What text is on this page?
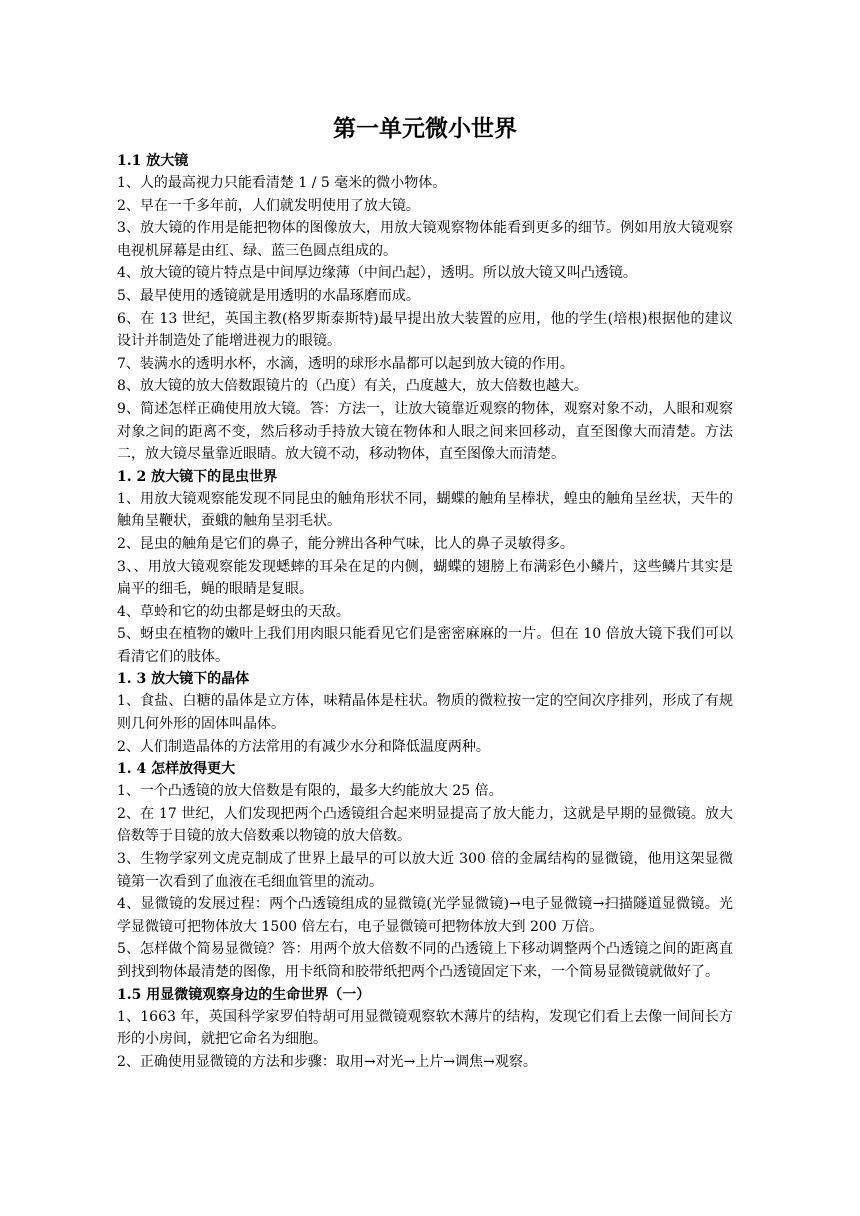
第一单元微小世界

1.1 放大镜

1、人的最高视力只能看清楚 1 / 5 毫米的微小物体。

2、早在一千多年前，人们就发明使用了放大镜。

3、放大镜的作用是能把物体的图像放大，用放大镜观察物体能看到更多的细节。例如用放大镜观察电视机屏幕是由红、绿、蓝三色圆点组成的。

4、放大镜的镜片特点是中间厚边缘薄（中间凸起），透明。所以放大镜又叫凸透镜。

5、最早使用的透镜就是用透明的水晶琢磨而成。

6、在 13 世纪，英国主教(格罗斯泰斯特)最早提出放大装置的应用，他的学生(培根)根据他的建议设计并制造处了能增进视力的眼镜。

7、装满水的透明水杯，水滴，透明的球形水晶都可以起到放大镜的作用。

8、放大镜的放大倍数跟镜片的（凸度）有关，凸度越大，放大倍数也越大。

9、简述怎样正确使用放大镜。答：方法一，让放大镜靠近观察的物体，观察对象不动，人眼和观察对象之间的距离不变，然后移动手持放大镜在物体和人眼之间来回移动，直至图像大而清楚。方法二，放大镜尽量靠近眼睛。放大镜不动，移动物体，直至图像大而清楚。

1. 2 放大镜下的昆虫世界

1、用放大镜观察能发现不同昆虫的触角形状不同，蝴蝶的触角呈棒状，蝗虫的触角呈丝状，天牛的触角呈鞭状，蚕蛾的触角呈羽毛状。

2、昆虫的触角是它们的鼻子，能分辨出各种气味，比人的鼻子灵敏得多。

3、、用放大镜观察能发现蟋蟀的耳朵在足的内侧，蝴蝶的翅膀上布满彩色小鳞片，这些鳞片其实是扁平的细毛，蝇的眼睛是复眼。

4、草蛉和它的幼虫都是蚜虫的天敌。

5、蚜虫在植物的嫩叶上我们用肉眼只能看见它们是密密麻麻的一片。但在 10 倍放大镜下我们可以看清它们的肢体。

1. 3 放大镜下的晶体

1、食盐、白糖的晶体是立方体，味精晶体是柱状。物质的微粒按一定的空间次序排列，形成了有规则几何外形的固体叫晶体。

2、人们制造晶体的方法常用的有减少水分和降低温度两种。

1. 4 怎样放得更大

1、一个凸透镜的放大倍数是有限的，最多大约能放大 25 倍。

2、在 17 世纪，人们发现把两个凸透镜组合起来明显提高了放大能力，这就是早期的显微镜。放大倍数等于目镜的放大倍数乘以物镜的放大倍数。

3、生物学家列文虎克制成了世界上最早的可以放大近 300 倍的金属结构的显微镜，他用这架显微镜第一次看到了血液在毛细血管里的流动。

4、显微镜的发展过程：两个凸透镜组成的显微镜(光学显微镜)→电子显微镜→扫描隧道显微镜。光学显微镜可把物体放大 1500 倍左右，电子显微镜可把物体放大到 200 万倍。

5、怎样做个简易显微镜？答：用两个放大倍数不同的凸透镜上下移动调整两个凸透镜之间的距离直到找到物体最清楚的图像，用卡纸筒和胶带纸把两个凸透镜固定下来，一个简易显微镜就做好了。

1.5 用显微镜观察身边的生命世界（一）

1、1663 年，英国科学家罗伯特胡可用显微镜观察软木薄片的结构，发现它们看上去像一间间长方形的小房间，就把它命名为细胞。

2、正确使用显微镜的方法和步骤：取用→对光→上片→调焦→观察。
